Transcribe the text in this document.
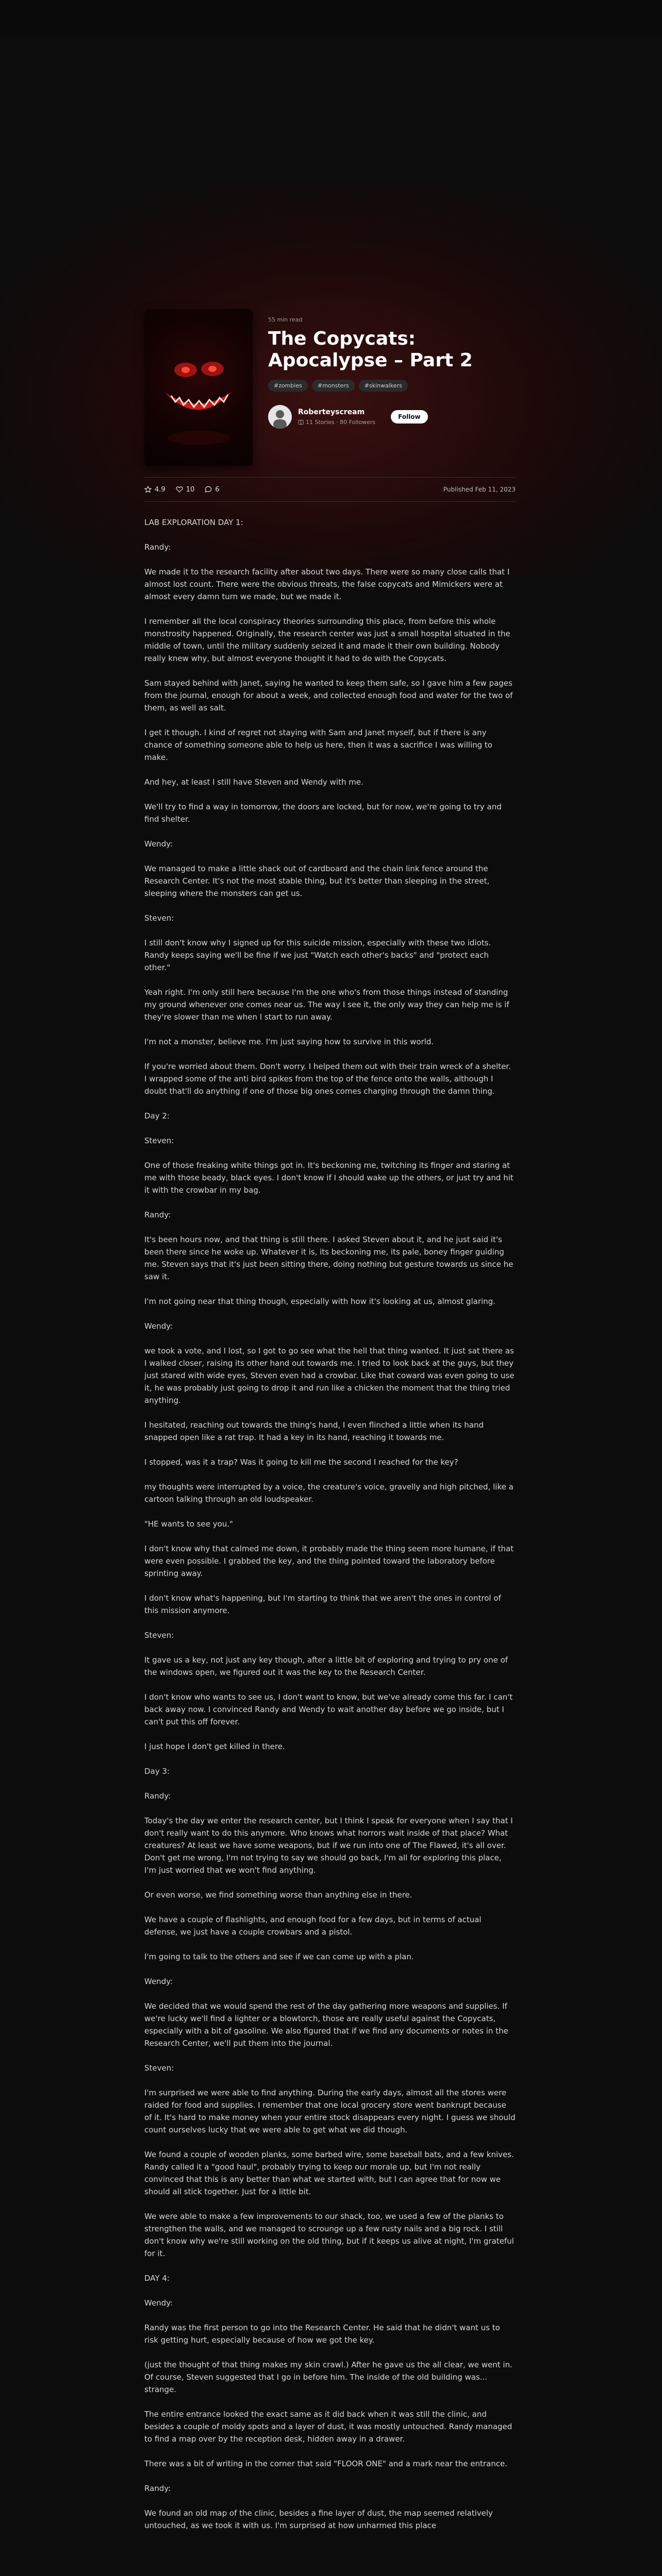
55 min read
The Copycats: Apocalypse – Part 2
#zombies	#monsters	#skinwalkers
Roberteyscream
11 Stories · 80 Followers
Follow
4.9	10	6	Published Feb 11, 2023

LAB EXPLORATION DAY 1:

Randy:

We made it to the research facility after about two days. There were so many close calls that I almost lost count. There were the obvious threats, the false copycats and Mimickers were at almost every damn turn we made, but we made it.

I remember all the local conspiracy theories surrounding this place, from before this whole monstrosity happened. Originally, the research center was just a small hospital situated in the middle of town, until the military suddenly seized it and made it their own building. Nobody really knew why, but almost everyone thought it had to do with the Copycats.

Sam stayed behind with Janet, saying he wanted to keep them safe, so I gave him a few pages from the journal, enough for about a week, and collected enough food and water for the two of them, as well as salt.

I get it though. I kind of regret not staying with Sam and Janet myself, but if there is any chance of something someone able to help us here, then it was a sacrifice I was willing to make.

And hey, at least I still have Steven and Wendy with me.

We'll try to find a way in tomorrow, the doors are locked, but for now, we're going to try and find shelter.

Wendy:

We managed to make a little shack out of cardboard and the chain link fence around the Research Center. It's not the most stable thing, but it's better than sleeping in the street, sleeping where the monsters can get us.

Steven:

I still don't know why I signed up for this suicide mission, especially with these two idiots. Randy keeps saying we'll be fine if we just "Watch each other's backs" and "protect each other."

Yeah right. I'm only still here because I'm the one who's from those things instead of standing my ground whenever one comes near us. The way I see it, the only way they can help me is if they're slower than me when I start to run away.

I'm not a monster, believe me. I'm just saying how to survive in this world.

If you're worried about them. Don't worry. I helped them out with their train wreck of a shelter. I wrapped some of the anti bird spikes from the top of the fence onto the walls, although I doubt that'll do anything if one of those big ones comes charging through the damn thing.

Day 2:

Steven:

One of those freaking white things got in. It's beckoning me, twitching its finger and staring at me with those beady, black eyes. I don't know if I should wake up the others, or just try and hit it with the crowbar in my bag.

Randy:

It's been hours now, and that thing is still there. I asked Steven about it, and he just said it's been there since he woke up. Whatever it is, its beckoning me, its pale, boney finger guiding me. Steven says that it's just been sitting there, doing nothing but gesture towards us since he saw it.

I'm not going near that thing though, especially with how it's looking at us, almost glaring.

Wendy:

we took a vote, and I lost, so I got to go see what the hell that thing wanted. It just sat there as I walked closer, raising its other hand out towards me. I tried to look back at the guys, but they just stared with wide eyes, Steven even had a crowbar. Like that coward was even going to use it, he was probably just going to drop it and run like a chicken the moment that the thing tried anything.

I hesitated, reaching out towards the thing's hand, I even flinched a little when its hand snapped open like a rat trap. It had a key in its hand, reaching it towards me.

I stopped, was it a trap? Was it going to kill me the second I reached for the key?

my thoughts were interrupted by a voice, the creature's voice, gravelly and high pitched, like a cartoon talking through an old loudspeaker.

"HE wants to see you."

I don't know why that calmed me down, it probably made the thing seem more humane, if that were even possible. I grabbed the key, and the thing pointed toward the laboratory before sprinting away.

I don't know what's happening, but I'm starting to think that we aren't the ones in control of this mission anymore.

Steven:

It gave us a key, not just any key though, after a little bit of exploring and trying to pry one of the windows open, we figured out it was the key to the Research Center.

I don't know who wants to see us, I don't want to know, but we've already come this far. I can't back away now. I convinced Randy and Wendy to wait another day before we go inside, but I can't put this off forever.

I just hope I don't get killed in there.

Day 3:

Randy:

Today's the day we enter the research center, but I think I speak for everyone when I say that I don't really want to do this anymore. Who knows what horrors wait inside of that place? What creatures? At least we have some weapons, but if we run into one of The Flawed, it's all over. Don't get me wrong, I'm not trying to say we should go back, I'm all for exploring this place, I'm just worried that we won't find anything.

Or even worse, we find something worse than anything else in there.

We have a couple of flashlights, and enough food for a few days, but in terms of actual defense, we just have a couple crowbars and a pistol.

I'm going to talk to the others and see if we can come up with a plan.

Wendy:

We decided that we would spend the rest of the day gathering more weapons and supplies. If we're lucky we'll find a lighter or a blowtorch, those are really useful against the Copycats, especially with a bit of gasoline. We also figured that if we find any documents or notes in the Research Center, we'll put them into the journal.

Steven:

I'm surprised we were able to find anything. During the early days, almost all the stores were raided for food and supplies. I remember that one local grocery store went bankrupt because of it. It's hard to make money when your entire stock disappears every night. I guess we should count ourselves lucky that we were able to get what we did though.

We found a couple of wooden planks, some barbed wire, some baseball bats, and a few knives. Randy called it a "good haul", probably trying to keep our morale up, but I'm not really convinced that this is any better than what we started with, but I can agree that for now we should all stick together. Just for a little bit.

We were able to make a few improvements to our shack, too, we used a few of the planks to strengthen the walls, and we managed to scrounge up a few rusty nails and a big rock. I still don't know why we're still working on the old thing, but if it keeps us alive at night, I'm grateful for it.

DAY 4:

Wendy:

Randy was the first person to go into the Research Center. He said that he didn't want us to risk getting hurt, especially because of how we got the key.

(just the thought of that thing makes my skin crawl.) After he gave us the all clear, we went in. Of course, Steven suggested that I go in before him. The inside of the old building was... strange.

The entire entrance looked the exact same as it did back when it was still the clinic, and besides a couple of moldy spots and a layer of dust, it was mostly untouched. Randy managed to find a map over by the reception desk, hidden away in a drawer.

There was a bit of writing in the corner that said "FLOOR ONE" and a mark near the entrance.

Randy:

We found an old map of the clinic, besides a fine layer of dust, the map seemed relatively untouched, as we took it with us. I'm surprised at how unharmed this place
